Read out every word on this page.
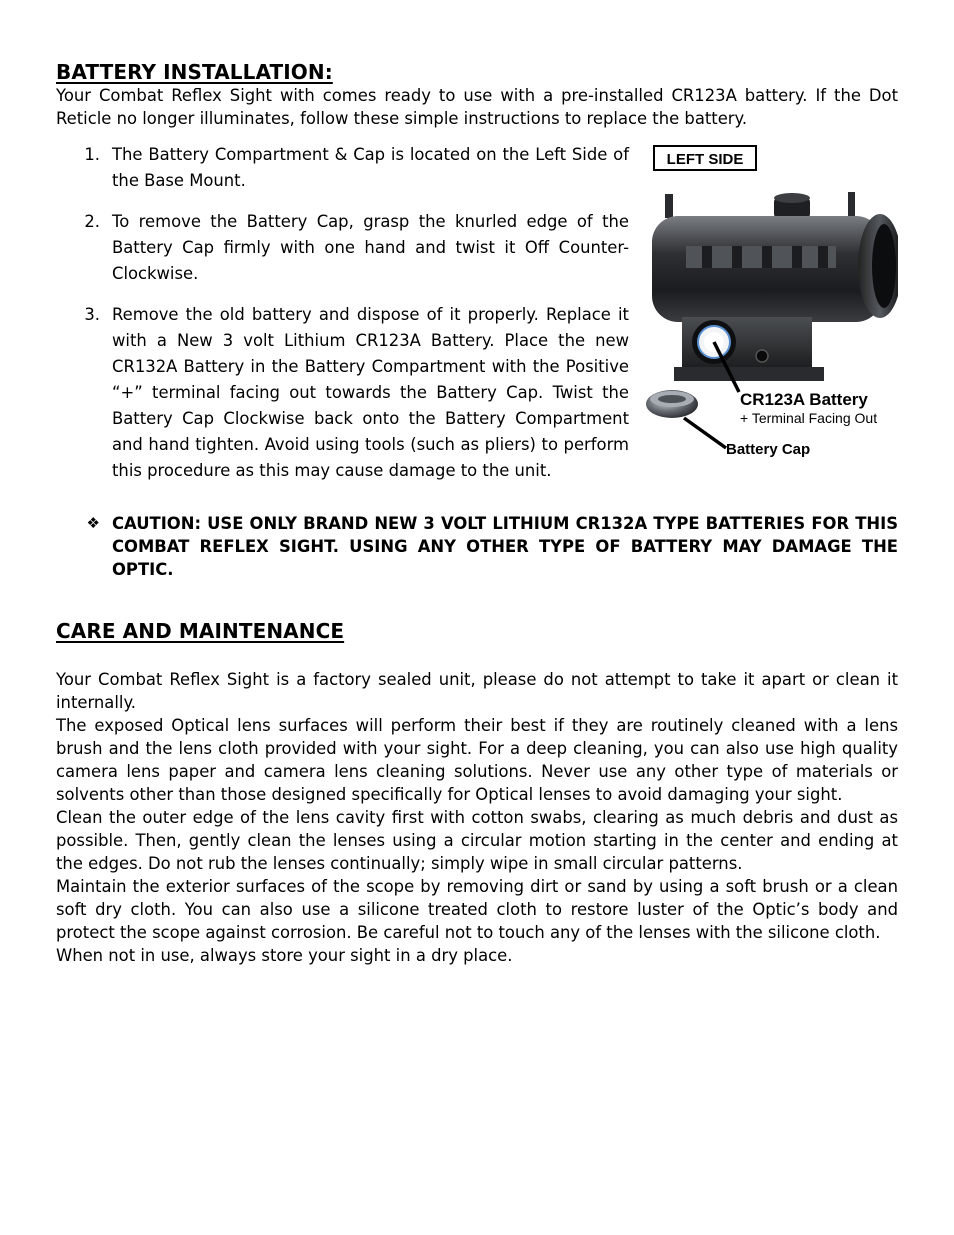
BATTERY INSTALLATION:

Your Combat Reflex Sight with comes ready to use with a pre-installed CR123A battery. If the Dot Reticle no longer illuminates, follow these simple instructions to replace the battery.

1. The Battery Compartment & Cap is located on the Left Side of the Base Mount.
2. To remove the Battery Cap, grasp the knurled edge of the Battery Cap firmly with one hand and twist it Off Counter-Clockwise.
3. Remove the old battery and dispose of it properly. Replace it with a New 3 volt Lithium CR123A Battery. Place the new CR132A Battery in the Battery Compartment with the Positive “+” terminal facing out towards the Battery Cap. Twist the Battery Cap Clockwise back onto the Battery Compartment and hand tighten. Avoid using tools (such as pliers) to perform this procedure as this may cause damage to the unit.
LEFT SIDE
CR123A Battery
+ Terminal Facing Out
Battery Cap
❖ CAUTION: USE ONLY BRAND NEW 3 VOLT LITHIUM CR132A TYPE BATTERIES FOR THIS COMBAT REFLEX SIGHT. USING ANY OTHER TYPE OF BATTERY MAY DAMAGE THE OPTIC.
CARE AND MAINTENANCE

Your Combat Reflex Sight is a factory sealed unit, please do not attempt to take it apart or clean it internally.

The exposed Optical lens surfaces will perform their best if they are routinely cleaned with a lens brush and the lens cloth provided with your sight. For a deep cleaning, you can also use high quality camera lens paper and camera lens cleaning solutions. Never use any other type of materials or solvents other than those designed specifically for Optical lenses to avoid damaging your sight.

Clean the outer edge of the lens cavity first with cotton swabs, clearing as much debris and dust as possible. Then, gently clean the lenses using a circular motion starting in the center and ending at the edges. Do not rub the lenses continually; simply wipe in small circular patterns.

Maintain the exterior surfaces of the scope by removing dirt or sand by using a soft brush or a clean soft dry cloth. You can also use a silicone treated cloth to restore luster of the Optic’s body and protect the scope against corrosion. Be careful not to touch any of the lenses with the silicone cloth.

When not in use, always store your sight in a dry place.
